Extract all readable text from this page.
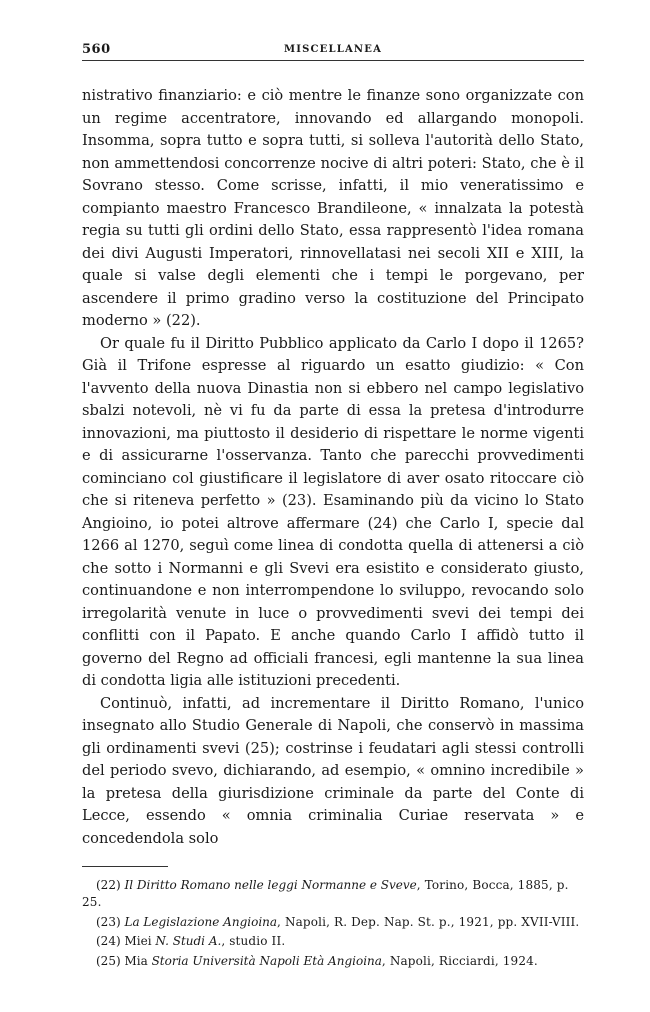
560	MISCELLANEA

nistrativo finanziario: e ciò mentre le finanze sono organizzate con un regime accentratore, innovando ed allargando monopoli. Insomma, sopra tutto e sopra tutti, si solleva l'autorità dello Stato, non ammettendosi concorrenze nocive di altri poteri: Stato, che è il Sovrano stesso. Come scrisse, infatti, il mio veneratissimo e compianto maestro Francesco Brandileone, « innalzata la potestà regia su tutti gli ordini dello Stato, essa rappresentò l'idea romana dei divi Augusti Imperatori, rinnovellatasi nei secoli XII e XIII, la quale si valse degli elementi che i tempi le porgevano, per ascendere il primo gradino verso la costituzione del Principato moderno » (22).

Or quale fu il Diritto Pubblico applicato da Carlo I dopo il 1265? Già il Trifone espresse al riguardo un esatto giudizio: « Con l'avvento della nuova Dinastia non si ebbero nel campo legislativo sbalzi notevoli, nè vi fu da parte di essa la pretesa d'introdurre innovazioni, ma piuttosto il desiderio di rispettare le norme vigenti e di assicurarne l'osservanza. Tanto che parecchi provvedimenti cominciano col giustificare il legislatore di aver osato ritoccare ciò che si riteneva perfetto » (23). Esaminando più da vicino lo Stato Angioino, io potei altrove affermare (24) che Carlo I, specie dal 1266 al 1270, seguì come linea di condotta quella di attenersi a ciò che sotto i Normanni e gli Svevi era esistito e considerato giusto, continuandone e non interrompendone lo sviluppo, revocando solo irregolarità venute in luce o provvedimenti svevi dei tempi dei conflitti con il Papato. E anche quando Carlo I affidò tutto il governo del Regno ad officiali francesi, egli mantenne la sua linea di condotta ligia alle istituzioni precedenti.

Continuò, infatti, ad incrementare il Diritto Romano, l'unico insegnato allo Studio Generale di Napoli, che conservò in massima gli ordinamenti svevi (25); costrinse i feudatari agli stessi controlli del periodo svevo, dichiarando, ad esempio, « omnino incredibile » la pretesa della giurisdizione criminale da parte del Conte di Lecce, essendo « omnia criminalia Curiae reservata » e concedendola solo

(22) Il Diritto Romano nelle leggi Normanne e Sveve, Torino, Bocca, 1885, p. 25.

(23) La Legislazione Angioina, Napoli, R. Dep. Nap. St. p., 1921, pp. XVII-VIII.

(24) Miei N. Studi A., studio II.

(25) Mia Storia Università Napoli Età Angioina, Napoli, Ricciardi, 1924.
